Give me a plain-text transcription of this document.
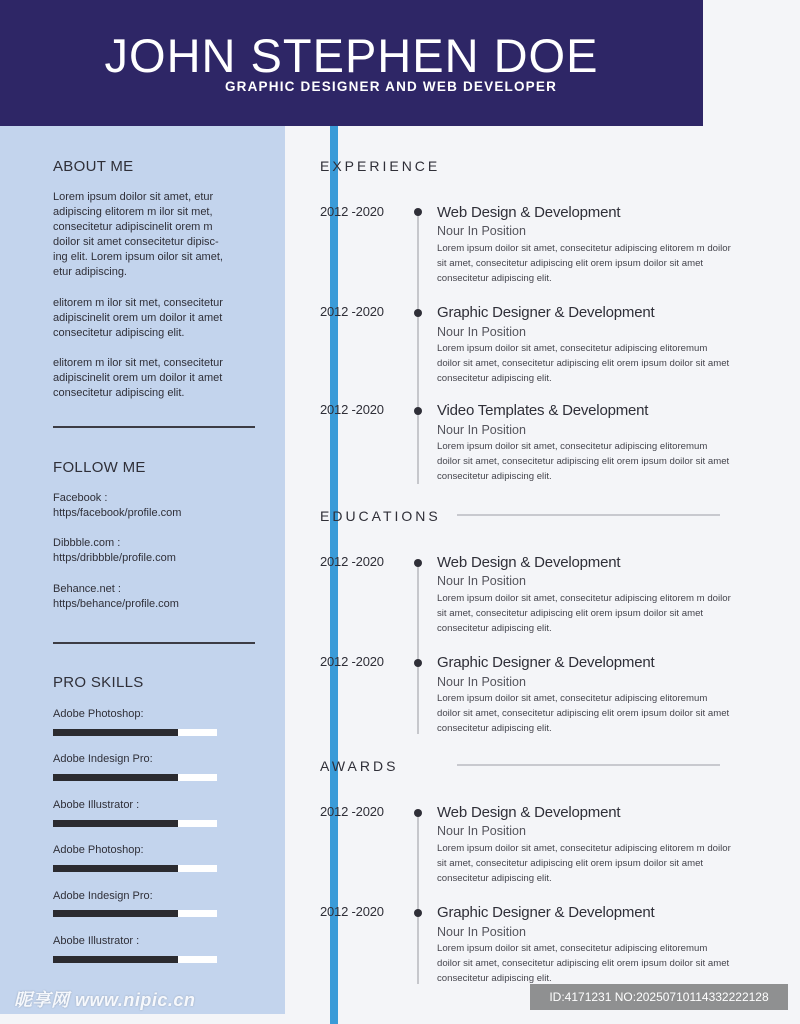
JOHN STEPHEN DOE
GRAPHIC DESIGNER AND WEB DEVELOPER
ABOUT ME
Lorem ipsum doilor sit amet, etur adipiscing elitorem m ilor sit met, consecitetur adipiscinelit orem m doilor sit amet consecitetur dipisc-ing elit. Lorem ipsum oilor sit amet, etur adipiscing.
elitorem m ilor sit met, consecitetur adipiscinelit orem um doilor it amet consecitetur adipiscing elit.
elitorem m ilor sit met, consecitetur adipiscinelit orem um doilor it amet consecitetur adipiscing elit.
FOLLOW ME
Facebook :
https/facebook/profile.com
Dibbble.com :
https/dribbble/profile.com
Behance.net :
https/behance/profile.com
PRO SKILLS
Adobe Photoshop:
Adobe Indesign Pro:
Abobe Illustrator :
Adobe Photoshop:
Adobe Indesign Pro:
Abobe Illustrator :
EXPERIENCE
2012 -2020	Web Design & Development
Nour In Position
Lorem ipsum doilor sit amet, consecitetur adipiscing elitorem m doilor
sit amet, consecitetur adipiscing elit orem ipsum doilor sit amet
consecitetur adipiscing elit.
2012 -2020	Graphic Designer & Development
Nour In Position
Lorem ipsum doilor sit amet, consecitetur adipiscing elitoremum
doilor sit amet, consecitetur adipiscing elit orem ipsum doilor sit amet
consecitetur adipiscing elit.
2012 -2020	Video Templates & Development
Nour In Position
Lorem ipsum doilor sit amet, consecitetur adipiscing elitoremum
doilor sit amet, consecitetur adipiscing elit orem ipsum doilor sit amet
consecitetur adipiscing elit.
EDUCATIONS
2012 -2020	Web Design & Development
Nour In Position
Lorem ipsum doilor sit amet, consecitetur adipiscing elitorem m doilor
sit amet, consecitetur adipiscing elit orem ipsum doilor sit amet
consecitetur adipiscing elit.
2012 -2020	Graphic Designer & Development
Nour In Position
Lorem ipsum doilor sit amet, consecitetur adipiscing elitoremum
doilor sit amet, consecitetur adipiscing elit orem ipsum doilor sit amet
consecitetur adipiscing elit.
AWARDS
2012 -2020	Web Design & Development
Nour In Position
Lorem ipsum doilor sit amet, consecitetur adipiscing elitorem m doilor
sit amet, consecitetur adipiscing elit orem ipsum doilor sit amet
consecitetur adipiscing elit.
2012 -2020	Graphic Designer & Development
Nour In Position
Lorem ipsum doilor sit amet, consecitetur adipiscing elitoremum
doilor sit amet, consecitetur adipiscing elit orem ipsum doilor sit amet
consecitetur adipiscing elit.
昵享网 www.nipic.cn	ID:4171231 NO:20250710114332222128
